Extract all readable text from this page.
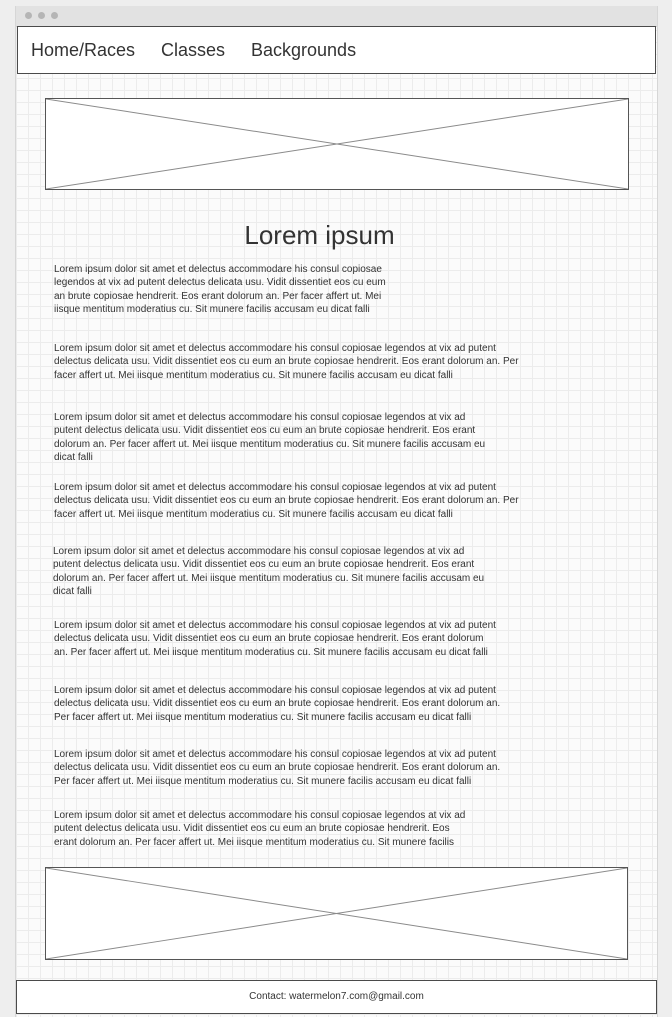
Home/Races Classes Backgrounds
Lorem ipsum

Lorem ipsum dolor sit amet et delectus accommodare his consul copiosae
legendos at vix ad putent delectus delicata usu. Vidit dissentiet eos cu eum
an brute copiosae hendrerit. Eos erant dolorum an. Per facer affert ut. Mei
iisque mentitum moderatius cu. Sit munere facilis accusam eu dicat falli

Lorem ipsum dolor sit amet et delectus accommodare his consul copiosae legendos at vix ad putent
delectus delicata usu. Vidit dissentiet eos cu eum an brute copiosae hendrerit. Eos erant dolorum an. Per
facer affert ut. Mei iisque mentitum moderatius cu. Sit munere facilis accusam eu dicat falli

Lorem ipsum dolor sit amet et delectus accommodare his consul copiosae legendos at vix ad
putent delectus delicata usu. Vidit dissentiet eos cu eum an brute copiosae hendrerit. Eos erant
dolorum an. Per facer affert ut. Mei iisque mentitum moderatius cu. Sit munere facilis accusam eu
dicat falli

Lorem ipsum dolor sit amet et delectus accommodare his consul copiosae legendos at vix ad putent
delectus delicata usu. Vidit dissentiet eos cu eum an brute copiosae hendrerit. Eos erant dolorum an. Per
facer affert ut. Mei iisque mentitum moderatius cu. Sit munere facilis accusam eu dicat falli

Lorem ipsum dolor sit amet et delectus accommodare his consul copiosae legendos at vix ad
putent delectus delicata usu. Vidit dissentiet eos cu eum an brute copiosae hendrerit. Eos erant
dolorum an. Per facer affert ut. Mei iisque mentitum moderatius cu. Sit munere facilis accusam eu
dicat falli

Lorem ipsum dolor sit amet et delectus accommodare his consul copiosae legendos at vix ad putent
delectus delicata usu. Vidit dissentiet eos cu eum an brute copiosae hendrerit. Eos erant dolorum
an. Per facer affert ut. Mei iisque mentitum moderatius cu. Sit munere facilis accusam eu dicat falli

Lorem ipsum dolor sit amet et delectus accommodare his consul copiosae legendos at vix ad putent
delectus delicata usu. Vidit dissentiet eos cu eum an brute copiosae hendrerit. Eos erant dolorum an.
Per facer affert ut. Mei iisque mentitum moderatius cu. Sit munere facilis accusam eu dicat falli

Lorem ipsum dolor sit amet et delectus accommodare his consul copiosae legendos at vix ad putent
delectus delicata usu. Vidit dissentiet eos cu eum an brute copiosae hendrerit. Eos erant dolorum an.
Per facer affert ut. Mei iisque mentitum moderatius cu. Sit munere facilis accusam eu dicat falli

Lorem ipsum dolor sit amet et delectus accommodare his consul copiosae legendos at vix ad
putent delectus delicata usu. Vidit dissentiet eos cu eum an brute copiosae hendrerit. Eos
erant dolorum an. Per facer affert ut. Mei iisque mentitum moderatius cu. Sit munere facilis

Contact: watermelon7.com@gmail.com
